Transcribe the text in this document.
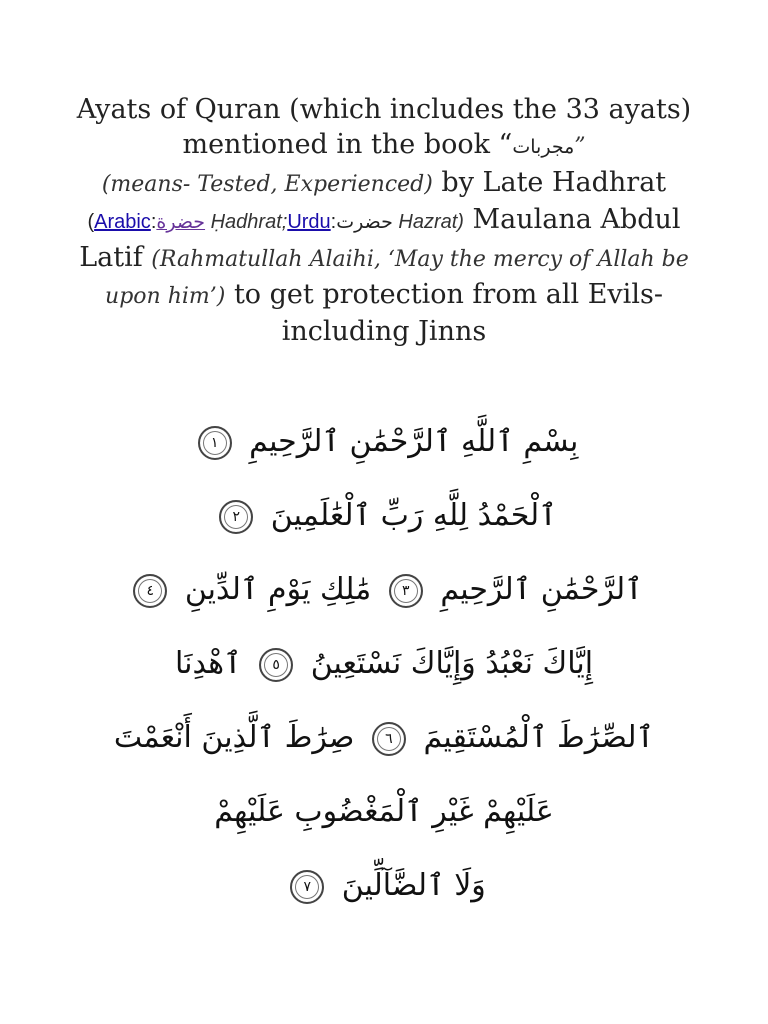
Ayats of Quran (which includes the 33 ayats) mentioned in the book “مجربات”
(means- Tested, Experienced) by Late Hadhrat
(Arabic:حضرة Ḥadhrat;Urdu:حضرت Hazrat) Maulana Abdul Latif (Rahmatullah Alaihi, ‘May the mercy of Allah be upon him’) to get protection from all Evils-including Jinns
بِسْمِ ٱللَّهِ ٱلرَّحْمَٰنِ ٱلرَّحِيمِ ١
ٱلْحَمْدُ لِلَّهِ رَبِّ ٱلْعَٰلَمِينَ ٢
ٱلرَّحْمَٰنِ ٱلرَّحِيمِ ٣ مَٰلِكِ يَوْمِ ٱلدِّينِ ٤
إِيَّاكَ نَعْبُدُ وَإِيَّاكَ نَسْتَعِينُ ٥ ٱهْدِنَا
ٱلصِّرَٰطَ ٱلْمُسْتَقِيمَ ٦ صِرَٰطَ ٱلَّذِينَ أَنْعَمْتَ
عَلَيْهِمْ غَيْرِ ٱلْمَغْضُوبِ عَلَيْهِمْ
وَلَا ٱلضَّآلِّينَ ٧
